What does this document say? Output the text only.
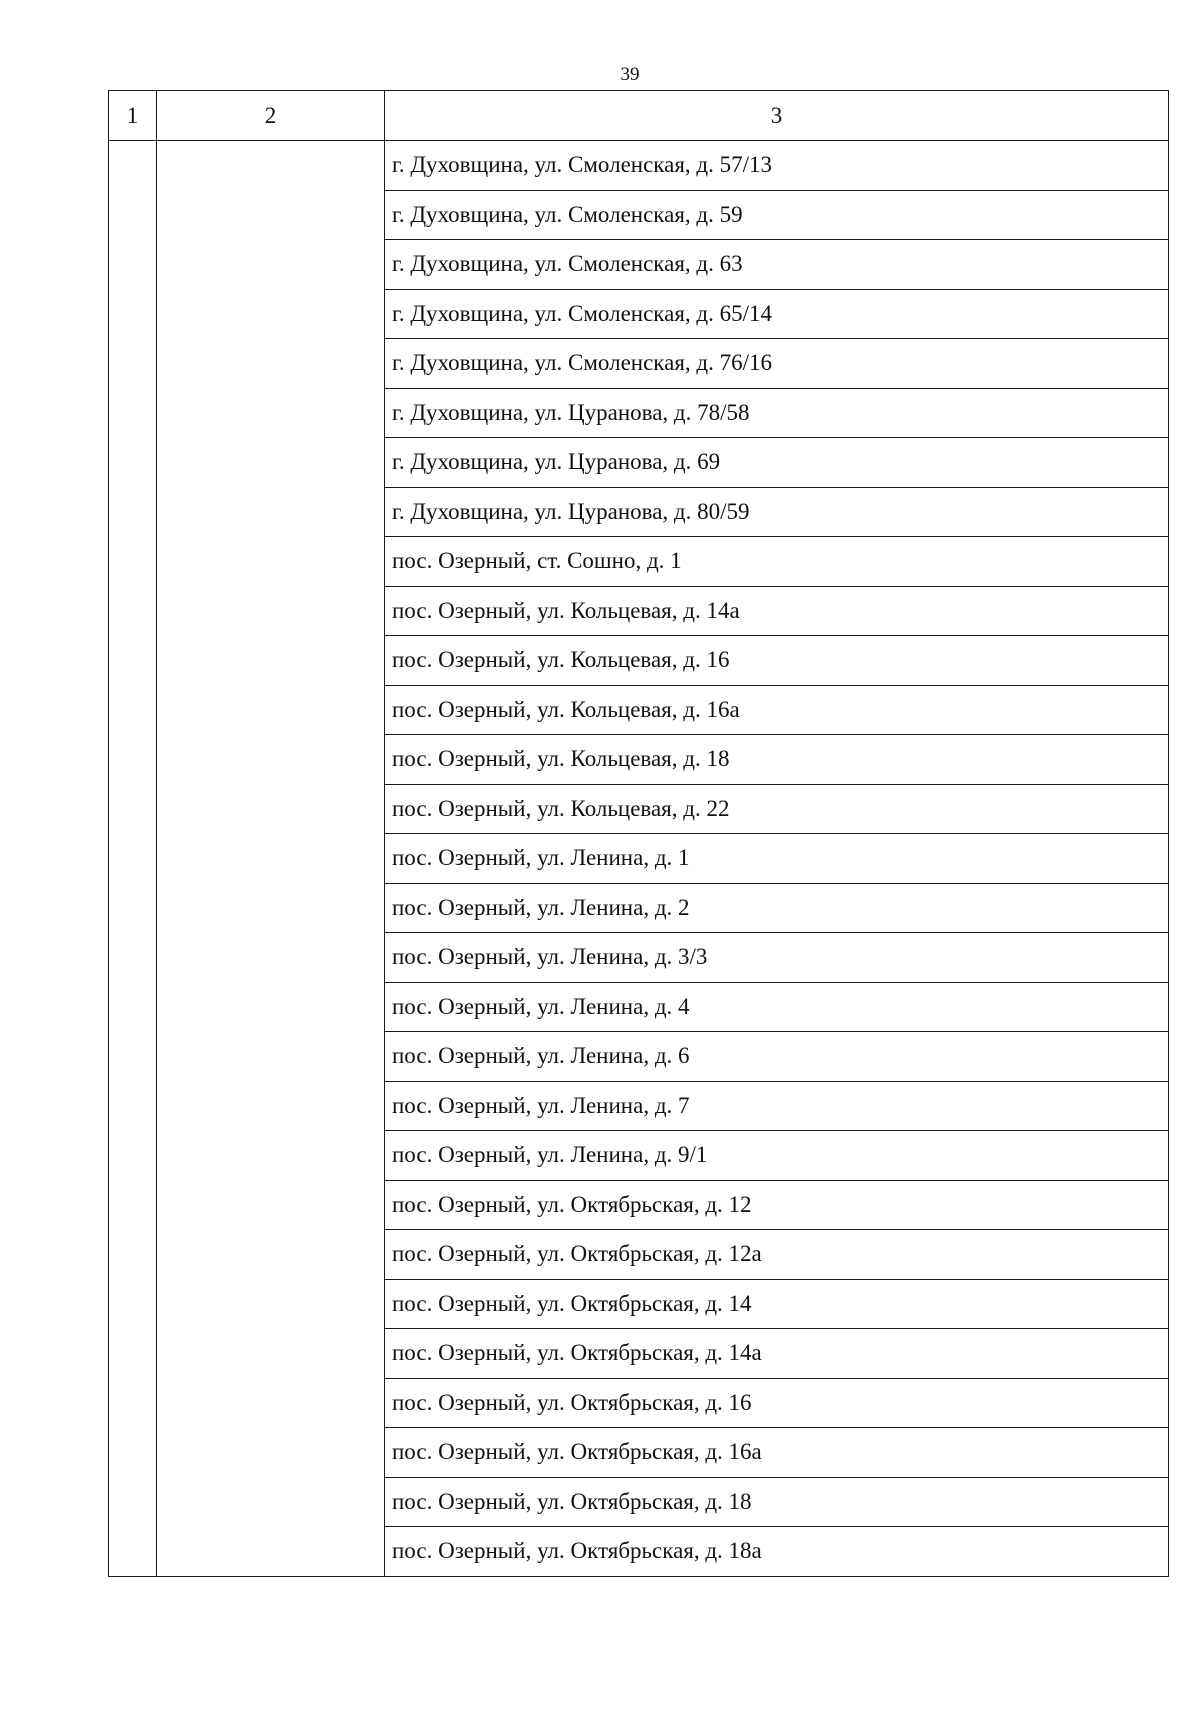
39
1	2	3
		г. Духовщина, ул. Смоленская, д. 57/13
		г. Духовщина, ул. Смоленская, д. 59
		г. Духовщина, ул. Смоленская, д. 63
		г. Духовщина, ул. Смоленская, д. 65/14
		г. Духовщина, ул. Смоленская, д. 76/16
		г. Духовщина, ул. Цуранова, д. 78/58
		г. Духовщина, ул. Цуранова, д. 69
		г. Духовщина, ул. Цуранова, д. 80/59
		пос. Озерный, ст. Сошно, д. 1
		пос. Озерный, ул. Кольцевая, д. 14а
		пос. Озерный, ул. Кольцевая, д. 16
		пос. Озерный, ул. Кольцевая, д. 16а
		пос. Озерный, ул. Кольцевая, д. 18
		пос. Озерный, ул. Кольцевая, д. 22
		пос. Озерный, ул. Ленина, д. 1
		пос. Озерный, ул. Ленина, д. 2
		пос. Озерный, ул. Ленина, д. 3/3
		пос. Озерный, ул. Ленина, д. 4
		пос. Озерный, ул. Ленина, д. 6
		пос. Озерный, ул. Ленина, д. 7
		пос. Озерный, ул. Ленина, д. 9/1
		пос. Озерный, ул. Октябрьская, д. 12
		пос. Озерный, ул. Октябрьская, д. 12а
		пос. Озерный, ул. Октябрьская, д. 14
		пос. Озерный, ул. Октябрьская, д. 14а
		пос. Озерный, ул. Октябрьская, д. 16
		пос. Озерный, ул. Октябрьская, д. 16а
		пос. Озерный, ул. Октябрьская, д. 18
		пос. Озерный, ул. Октябрьская, д. 18а
